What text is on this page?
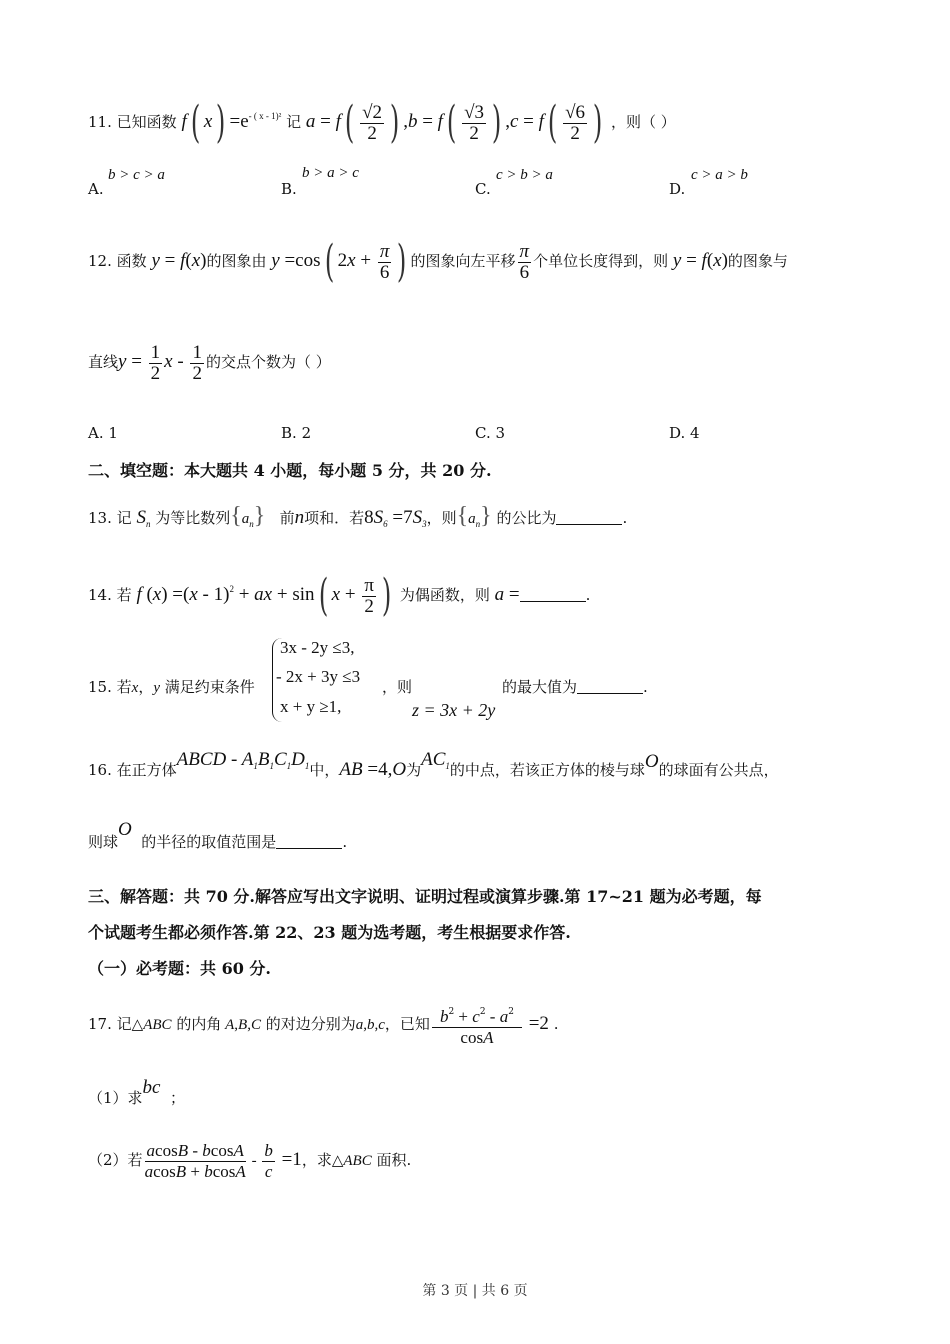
11. 已知函数 f( $x) =e^{- ( x - 1)^2}$ 记 $a = f( \frac{√2}{2}$ ) $,b = f( \frac{√3}{2}$ ) $,c = f( \frac{√6}{2}$ ) ，则（ ）
A.
b > c > a
B.
b > a > c
C.
c > b > a
D.
c > a > b
12. 函数 y = f(x)的图象由 y =cos( $2x + \frac{\pi}{6}$ ) 的图象向左平移 $\frac{\pi}{6}$ 个单位长度得到，则 y = f(x)的图象与
直线$y = \frac{1}{2}$ x - $\frac{1}{2}$ 的交点个数为（ ）
A. 1	B. 2	C. 3	D. 4
二、填空题：本大题共 4 小题，每小题 5 分，共 20 分.
13. 记 $S_n$ 为等比数列$\{a_n\}$ 前n项和．若$8S_6 =7S_3$，则$\{a_n\}$ 的公比为	.
14. 若 f (x) =(x - 1)$^2$ + ax + sin( $x + \frac{\pi}{2}$ ) 为偶函数，则 a =	.
15. 若x，y 满足约束条件
3x - 2y ≤3,
- 2x + 3y ≤3
x + y ≥1,
，则
z = 3x + 2y
的最大值为	.
16. 在正方体ABCD - $A_1B_1C_1D_1$中，AB =4,O为$AC_1$的中点，若该正方体的棱与球O的球面有公共点，
则球O  的半径的取值范围是	.
三、解答题：共 70 分.解答应写出文字说明、证明过程或演算步骤.第 17~21 题为必考题，每
个试题考生都必须作答.第 22、23 题为选考题，考生根据要求作答.
（一）必考题：共 60 分.
17. 记△ABC 的内角 A,B,C 的对边分别为a,b,c，已知 $\frac{b^2 + c^2 - a^2}{\cos A} =2$ .
（1）求bc ；
（2）若 $\frac{acosB - bcosA}{acosB + bcosA} - \frac{b}{c} =1$，求△ABC 面积.
第 3 页 | 共 6 页
